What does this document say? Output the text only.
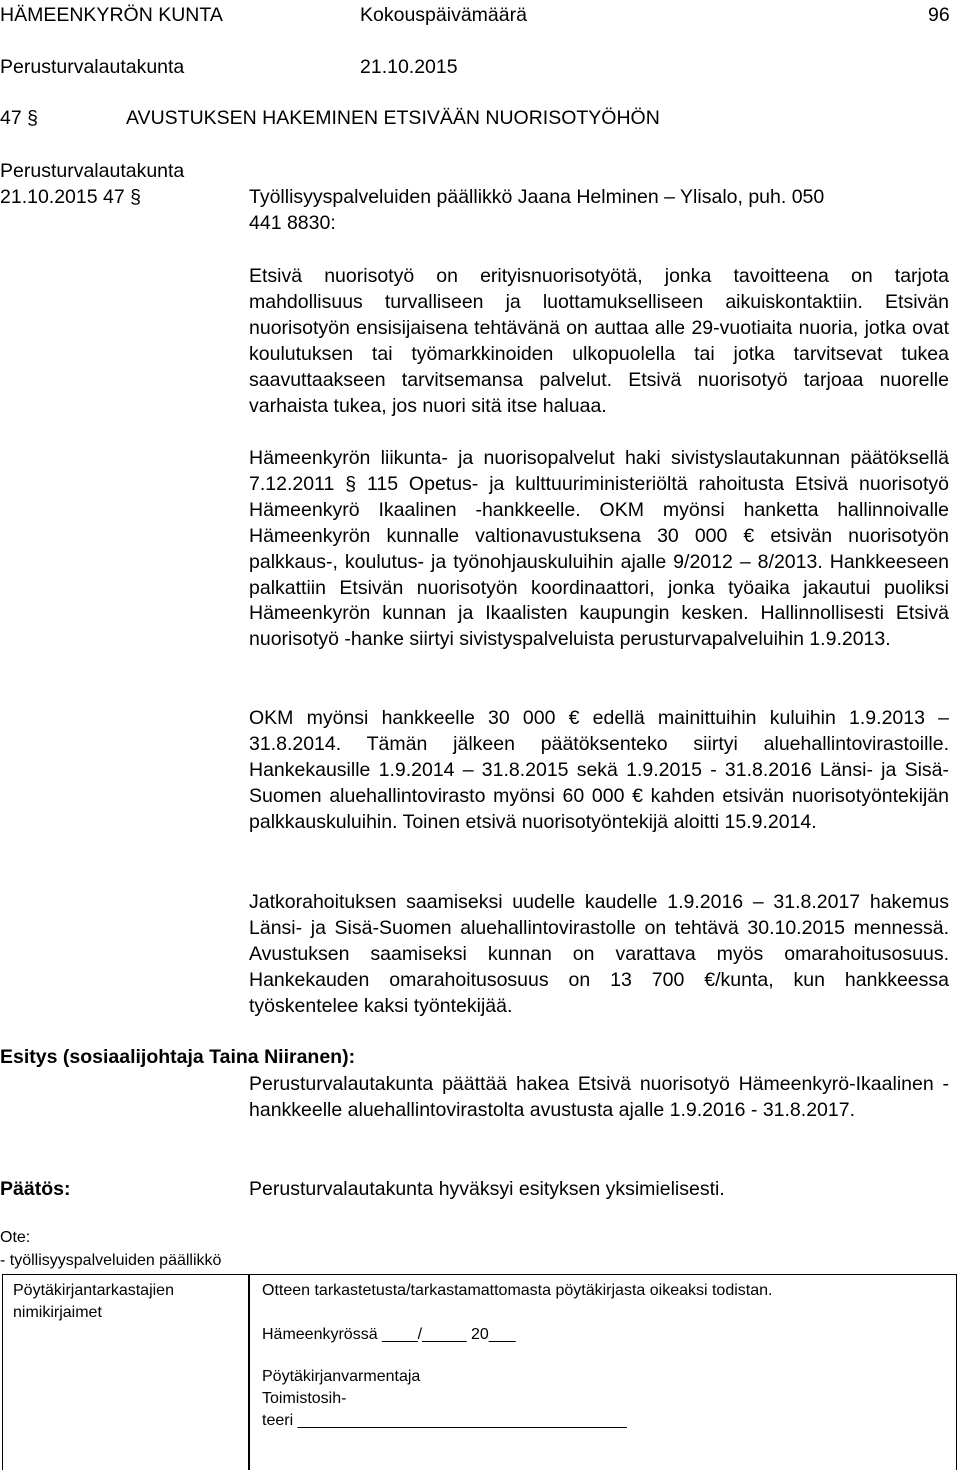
HÄMEENKYRÖN KUNTA	Kokouspäivämäärä	96
Perusturvalautakunta	21.10.2015
47 §	AVUSTUKSEN HAKEMINEN ETSIVÄÄN NUORISOTYÖHÖN
Perusturvalautakunta
21.10.2015 47 §	Työllisyyspalveluiden päällikkö Jaana Helminen – Ylisalo, puh. 050
441 8830:
Etsivä nuorisotyö on erityisnuorisotyötä, jonka tavoitteena on tarjota mahdollisuus turvalliseen ja luottamukselliseen aikuiskontaktiin. Etsivän nuorisotyön ensisijaisena tehtävänä on auttaa alle 29-vuotiaita nuoria, jotka ovat koulutuksen tai työmarkkinoiden ulkopuolella tai jotka tarvitsevat tukea saavuttaakseen tarvitsemansa palvelut. Etsivä nuorisotyö tarjoaa nuorelle varhaista tukea, jos nuori sitä itse haluaa.
Hämeenkyrön liikunta- ja nuorisopalvelut haki sivistyslautakunnan päätöksellä 7.12.2011 § 115 Opetus- ja kulttuuriministeriöltä rahoitusta Etsivä nuorisotyö Hämeenkyrö Ikaalinen -hankkeelle. OKM myönsi hanketta hallinnoivalle Hämeenkyrön kunnalle valtionavustuksena 30 000 € etsivän nuorisotyön palkkaus-, koulutus- ja työnohjauskuluihin ajalle 9/2012 – 8/2013. Hankkeeseen palkattiin Etsivän nuorisotyön koordinaattori, jonka työaika jakautui puoliksi Hämeenkyrön kunnan ja Ikaalisten kaupungin kesken. Hallinnollisesti Etsivä nuorisotyö -hanke siirtyi sivistyspalveluista perusturvapalveluihin 1.9.2013.
OKM myönsi hankkeelle 30 000 € edellä mainittuihin kuluihin 1.9.2013 – 31.8.2014. Tämän jälkeen päätöksenteko siirtyi aluehallintovirastoille. Hankekausille 1.9.2014 – 31.8.2015 sekä 1.9.2015 - 31.8.2016 Länsi- ja Sisä-Suomen aluehallintovirasto myönsi 60 000 € kahden etsivän nuorisotyöntekijän palkkauskuluihin. Toinen etsivä nuorisotyöntekijä aloitti 15.9.2014.
Jatkorahoituksen saamiseksi uudelle kaudelle 1.9.2016 – 31.8.2017 hakemus Länsi- ja Sisä-Suomen aluehallintovirastolle on tehtävä 30.10.2015 mennessä. Avustuksen saamiseksi kunnan on varattava myös omarahoitusosuus. Hankekauden omarahoitusosuus on 13 700 €/kunta, kun hankkeessa työskentelee kaksi työntekijää.
Esitys (sosiaalijohtaja Taina Niiranen):
Perusturvalautakunta päättää hakea Etsivä nuorisotyö Hämeenkyrö-Ikaalinen -hankkeelle aluehallintovirastolta avustusta ajalle 1.9.2016 - 31.8.2017.
Päätös:	Perusturvalautakunta hyväksyi esityksen yksimielisesti.
Ote:
- työllisyyspalveluiden päällikkö
Pöytäkirjantarkastajien
nimikirjaimet
Otteen tarkastetusta/tarkastamattomasta pöytäkirjasta oikeaksi todistan.
Hämeenkyrössä ____/_____ 20___
Pöytäkirjanvarmentaja
Toimistosih-
teeri _____________________________________
